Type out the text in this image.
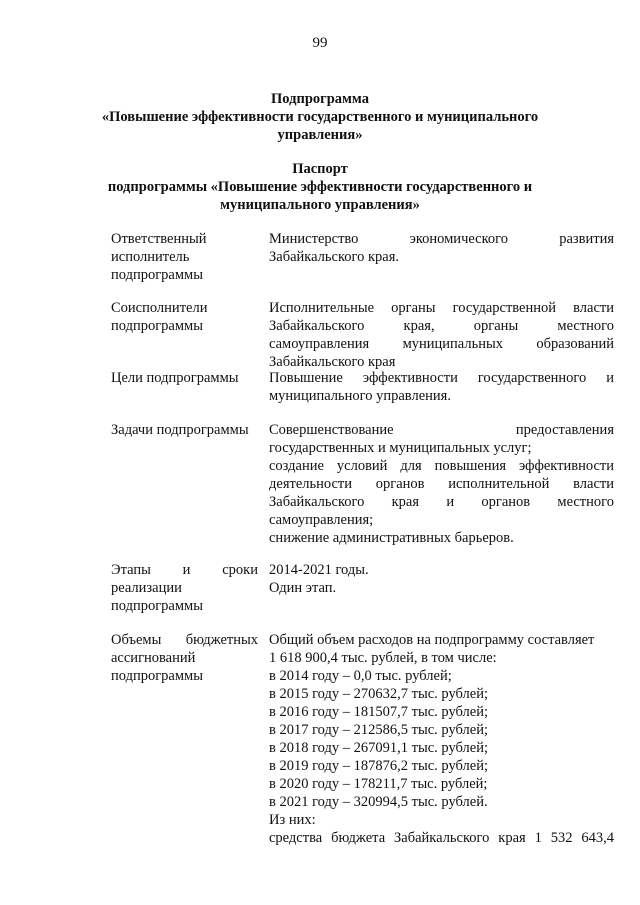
99
Подпрограмма
«Повышение эффективности государственного и муниципального
управления»
Паспорт
подпрограммы «Повышение эффективности государственного и
муниципального управления»
Ответственный
исполнитель
подпрограммы
Министерство экономического развития
Забайкальского края.
Соисполнители
подпрограммы
Исполнительные органы государственной власти
Забайкальского края, органы местного
самоуправления муниципальных образований
Забайкальского края
Цели подпрограммы	Повышение эффективности государственного и
муниципального управления.
Задачи подпрограммы	Совершенствование предоставления
государственных и муниципальных услуг;
создание условий для повышения эффективности
деятельности органов исполнительной власти
Забайкальского края и органов местного
самоуправления;
снижение административных барьеров.
Этапы и сроки
реализации
подпрограммы
2014-2021 годы.
Один этап.
Объемы бюджетных
ассигнований
подпрограммы
Общий объем расходов на подпрограмму составляет
1 618 900,4 тыс. рублей, в том числе:
в 2014 году – 0,0 тыс. рублей;
в 2015 году – 270632,7 тыс. рублей;
в 2016 году – 181507,7 тыс. рублей;
в 2017 году – 212586,5 тыс. рублей;
в 2018 году – 267091,1 тыс. рублей;
в 2019 году – 187876,2 тыс. рублей;
в 2020 году – 178211,7 тыс. рублей;
в 2021 году – 320994,5 тыс. рублей.
Из них:
средства бюджета Забайкальского края 1 532 643,4
